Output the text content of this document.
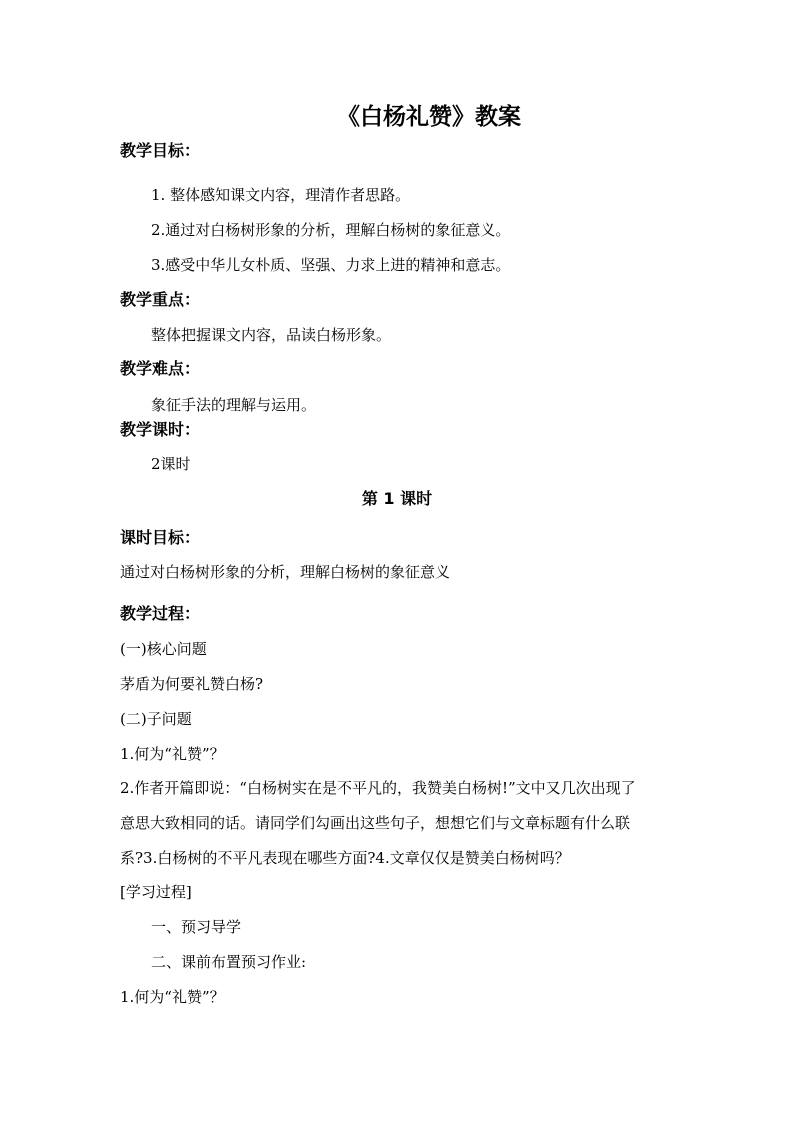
《白杨礼赞》教案
教学目标：
1. 整体感知课文内容，理清作者思路。
2.通过对白杨树形象的分析，理解白杨树的象征意义。
3.感受中华儿女朴质、坚强、力求上进的精神和意志。
教学重点：
整体把握课文内容，品读白杨形象。
教学难点：
象征手法的理解与运用。
教学课时：
2课时
第 1 课时
课时目标：
通过对白杨树形象的分析，理解白杨树的象征意义
教学过程：
(一)核心问题
茅盾为何要礼赞白杨?
(二)子问题
1.何为“礼赞”？
2.作者开篇即说：“白杨树实在是不平凡的，我赞美白杨树!”文中又几次出现了
意思大致相同的话。请同学们勾画出这些句子，想想它们与文章标题有什么联
系?3.白杨树的不平凡表现在哪些方面?4.文章仅仅是赞美白杨树吗？
[学习过程]
一、预习导学
二、课前布置预习作业:
1.何为“礼赞”？
